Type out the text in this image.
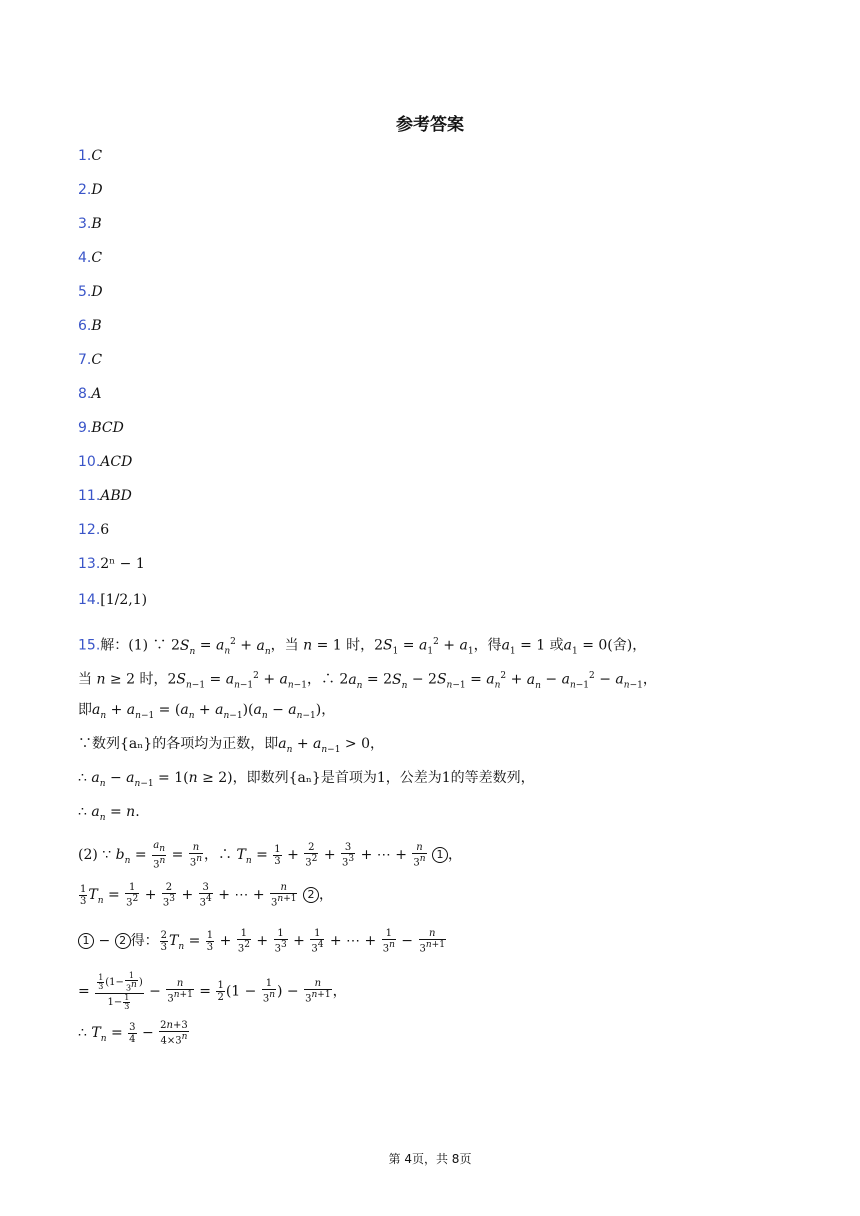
参考答案
1.C
2.D
3.B
4.C
5.D
6.B
7.C
8.A
9.BCD
10.ACD
11.ABD
12.6
13.2ⁿ − 1
14.[1/2,1)
15.解：(1) ∵ $2S_n = a_n^2 + a_n$，当 n = 1 时，$2S_1 = a_1^2 + a_1$，得$a_1 = 1$ 或$a_1 = 0$(舍)，
当 n ≥ 2 时，$2S_{n-1} = a_{n-1}^2 + a_{n-1}$，∴ $2a_n = 2S_n - 2S_{n-1} = a_n^2 + a_n - a_{n-1}^2 - a_{n-1}$，
即$a_n + a_{n-1} = (a_n + a_{n-1})(a_n - a_{n-1})$，
∵数列{aₙ}的各项均为正数，即$a_n + a_{n-1} > 0$，
∴ $a_n - a_{n-1} = 1(n \ge 2)$，即数列{aₙ}是首项为1，公差为1的等差数列，
∴ $a_n = n$.
(2) ∵ $b_n = \frac{a_n}{3^n} = \frac{n}{3^n}$ ，∴ $T_n = \frac{1}{3} + \frac{2}{3^2} + \frac{3}{3^3}$ + ⋯ + $\frac{n}{3^n} 1$ ，
$\frac{1}{3} T_n = \frac{1}{3^2} + \frac{2}{3^3} + \frac{3}{3^4}$ + ⋯ + $\frac{n}{3^{n+1}} 2$ ，
1 − 2 得： $\frac{2}{3} T_n = \frac{1}{3} + \frac{1}{3^2} + \frac{1}{3^3} + \frac{1}{3^4}$ + ⋯ + $\frac{1}{3^n} - \frac{n}{3^{n+1}}$
= $\frac{\frac{1}{3} (1- \frac{1}{3^n} )}{1- \frac{1}{3}} - \frac{n}{3^{n+1}} = \frac{1}{2} (1 - \frac{1}{3^n}$ ) − $\frac{n}{3^{n+1}}$ ，
∴ $T_n = \frac{3}{4} - \frac{2n+3}{4\times 3^n}$
第 4页，共 8页
